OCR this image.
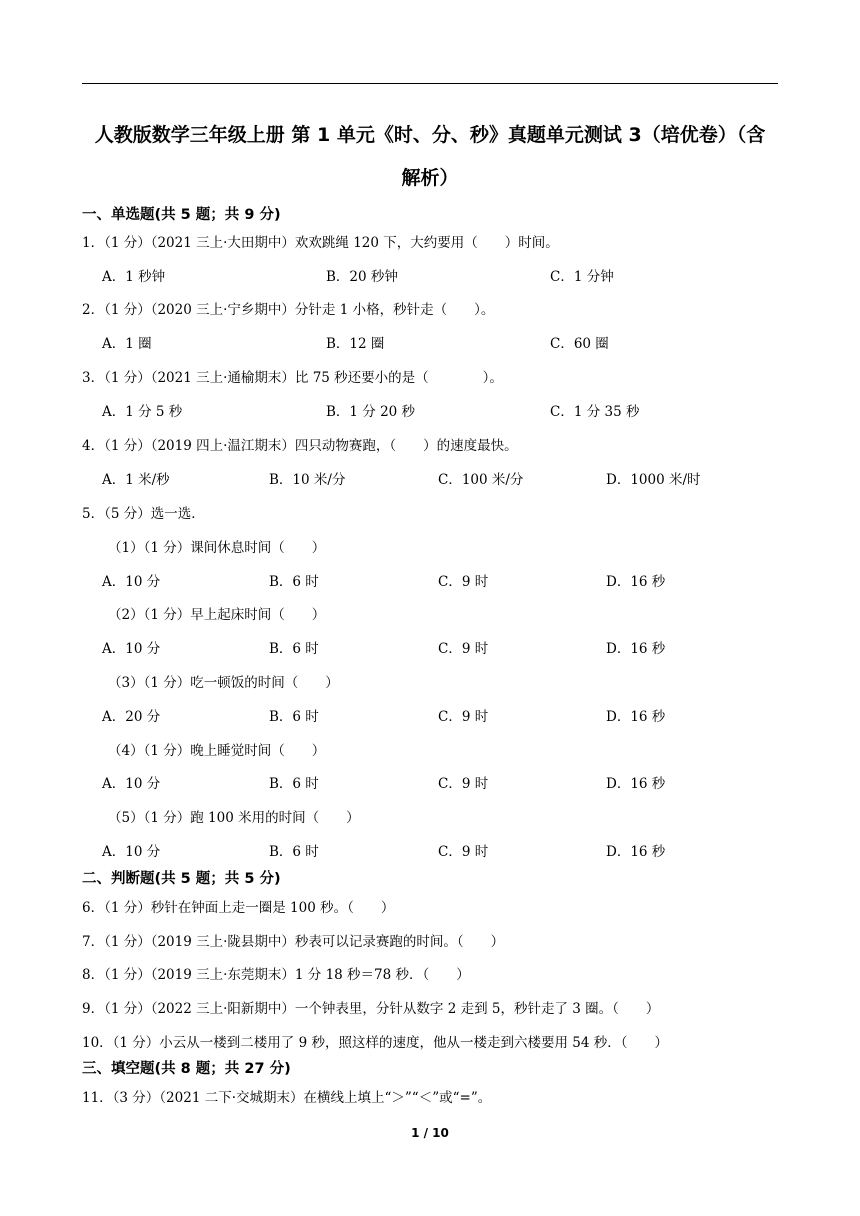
人教版数学三年级上册 第 1 单元《时、分、秒》真题单元测试 3（培优卷）（含
解析）
一、单选题(共 5 题；共 9 分)
1．（1 分）（2021 三上·大田期中）欢欢跳绳 120 下，大约要用（　　）时间。
A．1 秒钟	B．20 秒钟	C．1 分钟
2．（1 分）（2020 三上·宁乡期中）分针走 1 小格，秒针走（　　）。
A．1 圈	B．12 圈	C．60 圈
3．（1 分）（2021 三上·通榆期末）比 75 秒还要小的是（　　　　）。
A．1 分 5 秒	B．1 分 20 秒	C．1 分 35 秒
4．（1 分）（2019 四上·温江期末）四只动物赛跑，（　　）的速度最快。
A．1 米/秒	B．10 米/分	C．100 米/分	D．1000 米/时
5．（5 分）选一选．
（1）（1 分）课间休息时间（　　）
A．10 分	B．6 时	C．9 时	D．16 秒
（2）（1 分）早上起床时间（　　）
A．10 分	B．6 时	C．9 时	D．16 秒
（3）（1 分）吃一顿饭的时间（　　）
A．20 分	B．6 时	C．9 时	D．16 秒
（4）（1 分）晚上睡觉时间（　　）
A．10 分	B．6 时	C．9 时	D．16 秒
（5）（1 分）跑 100 米用的时间（　　）
A．10 分	B．6 时	C．9 时	D．16 秒
二、判断题(共 5 题；共 5 分)
6．（1 分）秒针在钟面上走一圈是 100 秒。（　　）
7．（1 分）（2019 三上·陇县期中）秒表可以记录赛跑的时间。（　　）
8．（1 分）（2019 三上·东莞期末）1 分 18 秒＝78 秒．（　　）
9．（1 分）（2022 三上·阳新期中）一个钟表里，分针从数字 2 走到 5，秒针走了 3 圈。（　　）
10．（1 分）小云从一楼到二楼用了 9 秒，照这样的速度，他从一楼走到六楼要用 54 秒．（　　）
三、填空题(共 8 题；共 27 分)
11．（3 分）（2021 二下·交城期末）在横线上填上“＞”“＜”或“=”。
1 / 10
